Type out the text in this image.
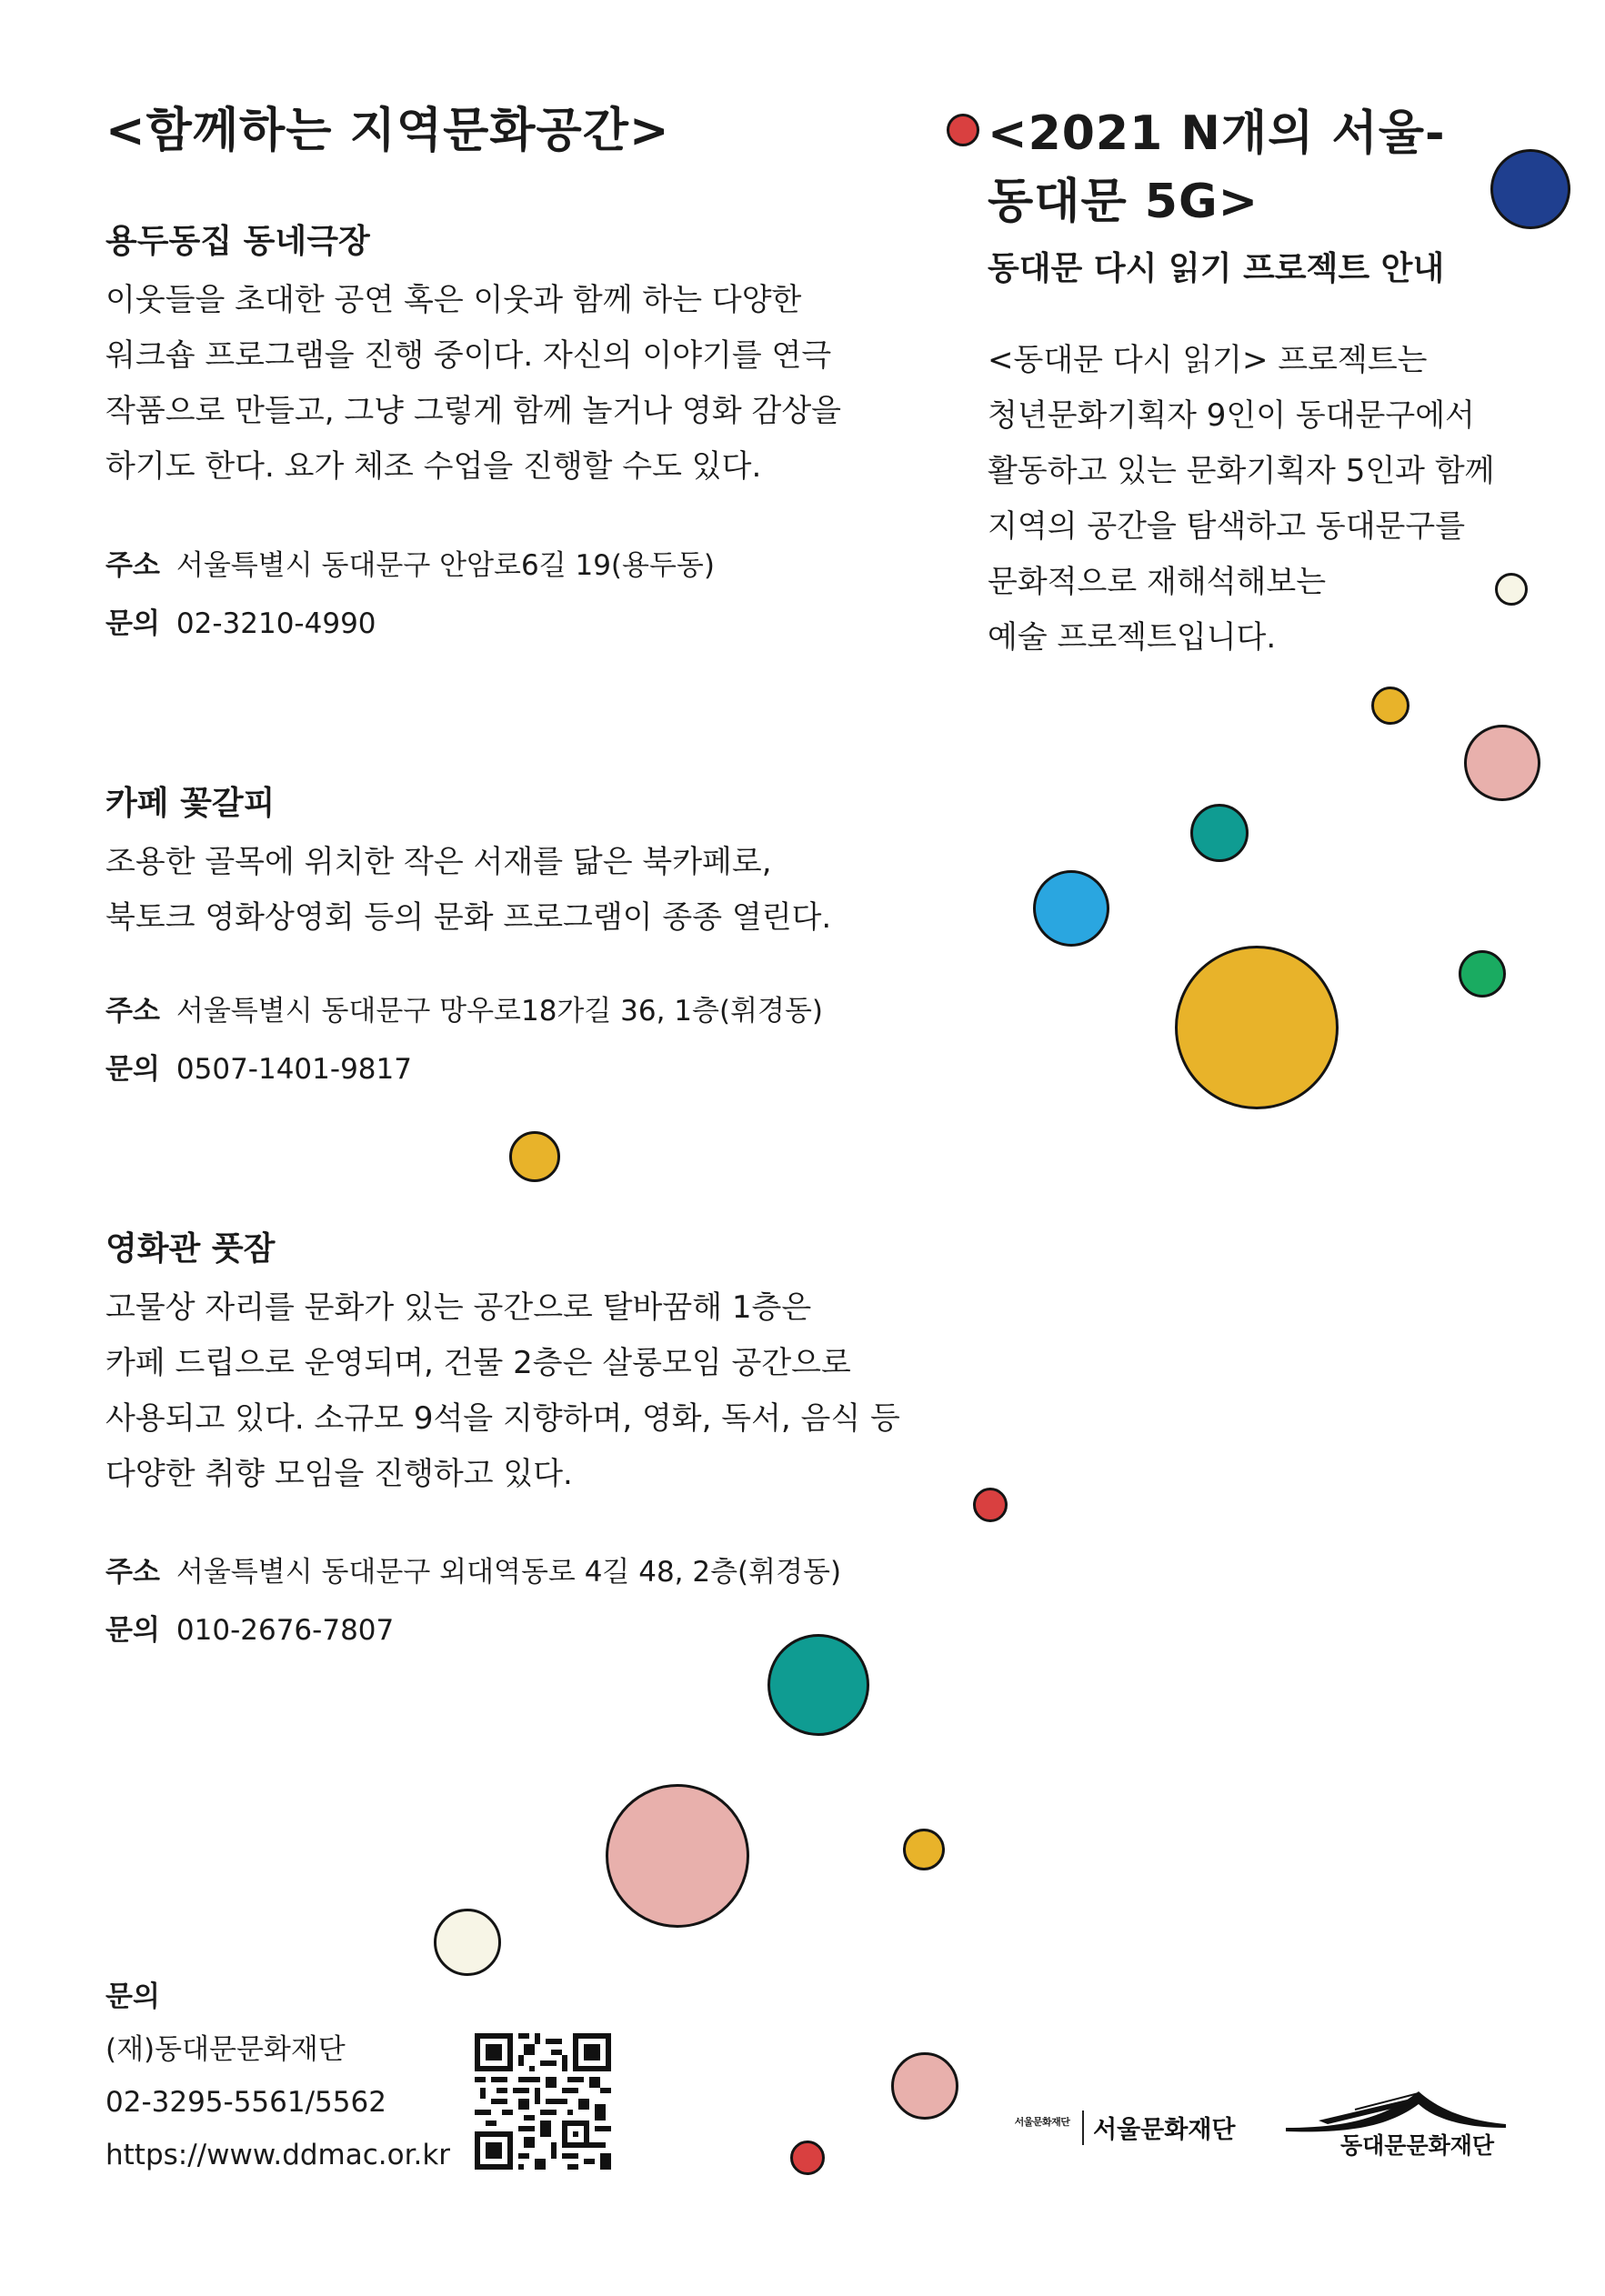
<함께하는 지역문화공간>
용두동집 동네극장
이웃들을 초대한 공연 혹은 이웃과 함께 하는 다양한
워크숍 프로그램을 진행 중이다. 자신의 이야기를 연극
작품으로 만들고, 그냥 그렇게 함께 놀거나 영화 감상을
하기도 한다. 요가 체조 수업을 진행할 수도 있다.
주소 서울특별시 동대문구 안암로6길 19(용두동)
문의 02-3210-4990
카페 꽃갈피
조용한 골목에 위치한 작은 서재를 닮은 북카페로,
북토크 영화상영회 등의 문화 프로그램이 종종 열린다.
주소 서울특별시 동대문구 망우로18가길 36, 1층(휘경동)
문의 0507-1401-9817
영화관 풋잠
고물상 자리를 문화가 있는 공간으로 탈바꿈해 1층은
카페 드립으로 운영되며, 건물 2층은 살롱모임 공간으로
사용되고 있다. 소규모 9석을 지향하며, 영화, 독서, 음식 등
다양한 취향 모임을 진행하고 있다.
주소 서울특별시 동대문구 외대역동로 4길 48, 2층(휘경동)
문의 010-2676-7807
<2021 N개의 서울-
동대문 5G>
동대문 다시 읽기 프로젝트 안내
<동대문 다시 읽기> 프로젝트는
청년문화기획자 9인이 동대문구에서
활동하고 있는 문화기획자 5인과 함께
지역의 공간을 탐색하고 동대문구를
문화적으로 재해석해보는
예술 프로젝트입니다.
문의
(재)동대문문화재단
02-3295-5561/5562
https://www.ddmac.or.kr
서울문화재단 서울문화재단
동대문문화재단
